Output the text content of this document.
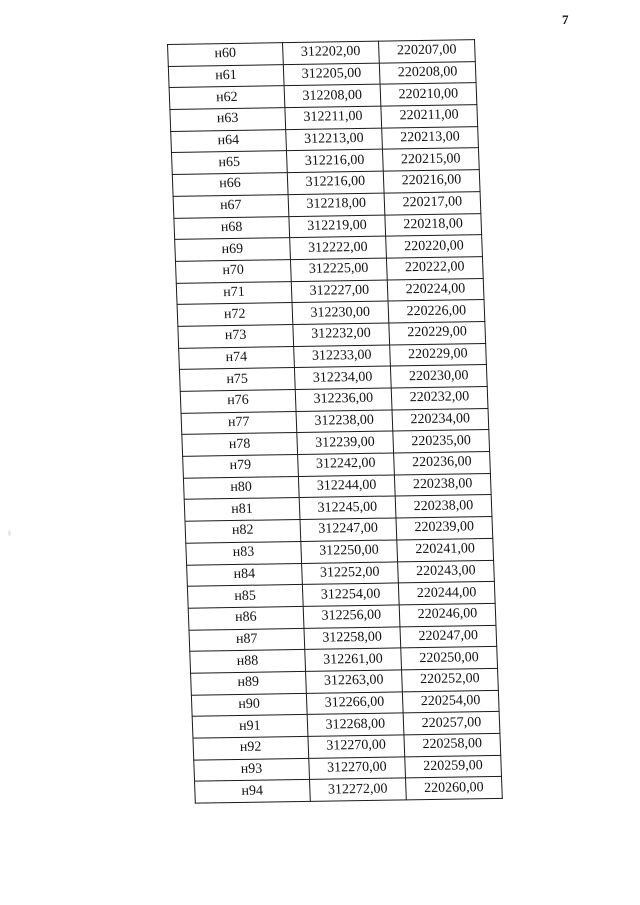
7
н60	312202,00	220207,00
н61	312205,00	220208,00
н62	312208,00	220210,00
н63	312211,00	220211,00
н64	312213,00	220213,00
н65	312216,00	220215,00
н66	312216,00	220216,00
н67	312218,00	220217,00
н68	312219,00	220218,00
н69	312222,00	220220,00
н70	312225,00	220222,00
н71	312227,00	220224,00
н72	312230,00	220226,00
н73	312232,00	220229,00
н74	312233,00	220229,00
н75	312234,00	220230,00
н76	312236,00	220232,00
н77	312238,00	220234,00
н78	312239,00	220235,00
н79	312242,00	220236,00
н80	312244,00	220238,00
н81	312245,00	220238,00
н82	312247,00	220239,00
н83	312250,00	220241,00
н84	312252,00	220243,00
н85	312254,00	220244,00
н86	312256,00	220246,00
н87	312258,00	220247,00
н88	312261,00	220250,00
н89	312263,00	220252,00
н90	312266,00	220254,00
н91	312268,00	220257,00
н92	312270,00	220258,00
н93	312270,00	220259,00
н94	312272,00	220260,00
